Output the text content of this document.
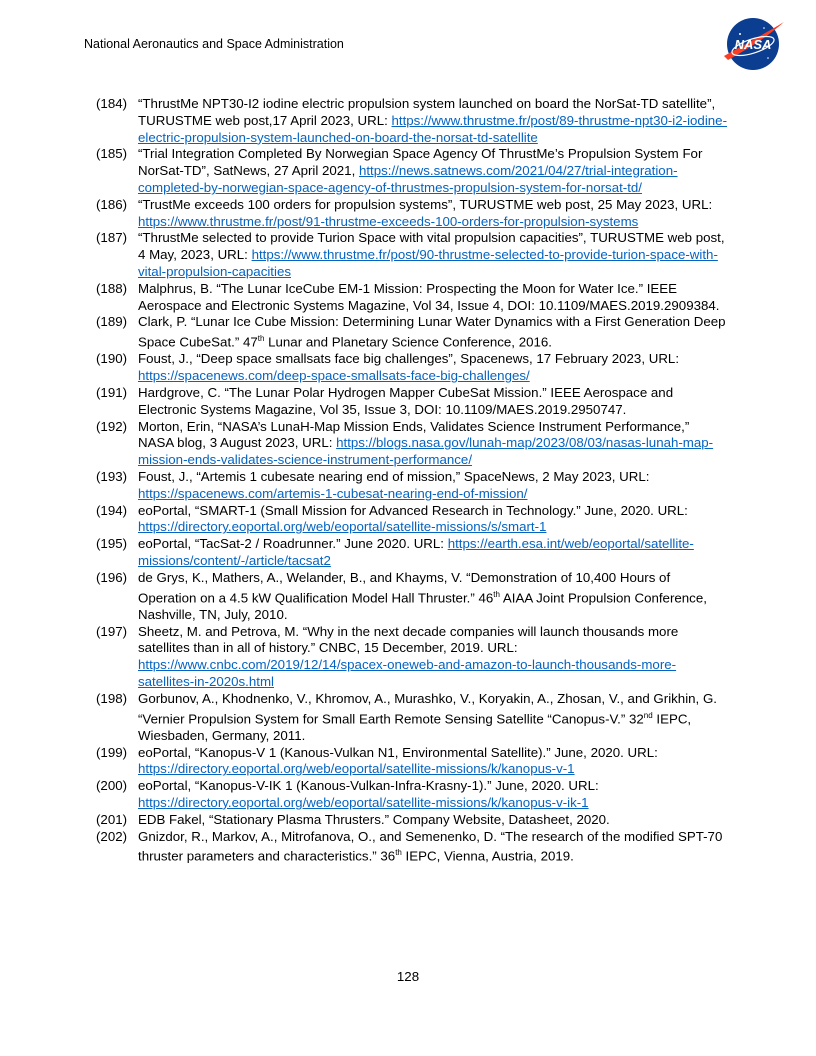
National Aeronautics and Space Administration	NASA
(184) “ThrustMe NPT30-I2 iodine electric propulsion system launched on board the NorSat-TD satellite”, TURUSTME web post,17 April 2023, URL: https://www.thrustme.fr/post/89-thrustme-npt30-i2-iodine-electric-propulsion-system-launched-on-board-the-norsat-td-satellite
(185) “Trial Integration Completed By Norwegian Space Agency Of ThrustMe’s Propulsion System For NorSat-TD”, SatNews, 27 April 2021, https://news.satnews.com/2021/04/27/trial-integration-completed-by-norwegian-space-agency-of-thrustmes-propulsion-system-for-norsat-td/
(186) “TrustMe exceeds 100 orders for propulsion systems”, TURUSTME web post, 25 May 2023, URL: https://www.thrustme.fr/post/91-thrustme-exceeds-100-orders-for-propulsion-systems
(187) “ThrustMe selected to provide Turion Space with vital propulsion capacities”, TURUSTME web post, 4 May, 2023, URL: https://www.thrustme.fr/post/90-thrustme-selected-to-provide-turion-space-with-vital-propulsion-capacities
(188) Malphrus, B. “The Lunar IceCube EM-1 Mission: Prospecting the Moon for Water Ice.” IEEE Aerospace and Electronic Systems Magazine, Vol 34, Issue 4, DOI: 10.1109/MAES.2019.2909384.
(189) Clark, P. “Lunar Ice Cube Mission: Determining Lunar Water Dynamics with a First Generation Deep Space CubeSat.” 47th Lunar and Planetary Science Conference, 2016.
(190) Foust, J., “Deep space smallsats face big challenges”, Spacenews, 17 February 2023, URL: https://spacenews.com/deep-space-smallsats-face-big-challenges/
(191) Hardgrove, C. “The Lunar Polar Hydrogen Mapper CubeSat Mission.” IEEE Aerospace and Electronic Systems Magazine, Vol 35, Issue 3, DOI: 10.1109/MAES.2019.2950747.
(192) Morton, Erin, “NASA’s LunaH-Map Mission Ends, Validates Science Instrument Performance,” NASA blog, 3 August 2023, URL: https://blogs.nasa.gov/lunah-map/2023/08/03/nasas-lunah-map-mission-ends-validates-science-instrument-performance/
(193) Foust, J., “Artemis 1 cubesate nearing end of mission,” SpaceNews, 2 May 2023, URL: https://spacenews.com/artemis-1-cubesat-nearing-end-of-mission/
(194) eoPortal, “SMART-1 (Small Mission for Advanced Research in Technology.” June, 2020. URL: https://directory.eoportal.org/web/eoportal/satellite-missions/s/smart-1
(195) eoPortal, “TacSat-2 / Roadrunner.” June 2020. URL: https://earth.esa.int/web/eoportal/satellite-missions/content/-/article/tacsat2
(196) de Grys, K., Mathers, A., Welander, B., and Khayms, V. “Demonstration of 10,400 Hours of Operation on a 4.5 kW Qualification Model Hall Thruster.” 46th AIAA Joint Propulsion Conference, Nashville, TN, July, 2010.
(197) Sheetz, M. and Petrova, M. “Why in the next decade companies will launch thousands more satellites than in all of history.” CNBC, 15 December, 2019. URL: https://www.cnbc.com/2019/12/14/spacex-oneweb-and-amazon-to-launch-thousands-more-satellites-in-2020s.html
(198) Gorbunov, A., Khodnenko, V., Khromov, A., Murashko, V., Koryakin, A., Zhosan, V., and Grikhin, G. “Vernier Propulsion System for Small Earth Remote Sensing Satellite “Canopus-V.” 32nd IEPC, Wiesbaden, Germany, 2011.
(199) eoPortal, “Kanopus-V 1 (Kanous-Vulkan N1, Environmental Satellite).” June, 2020. URL: https://directory.eoportal.org/web/eoportal/satellite-missions/k/kanopus-v-1
(200) eoPortal, “Kanopus-V-IK 1 (Kanous-Vulkan-Infra-Krasny-1).” June, 2020. URL: https://directory.eoportal.org/web/eoportal/satellite-missions/k/kanopus-v-ik-1
(201) EDB Fakel, “Stationary Plasma Thrusters.” Company Website, Datasheet, 2020.
(202) Gnizdor, R., Markov, A., Mitrofanova, O., and Semenenko, D. “The research of the modified SPT-70 thruster parameters and characteristics.” 36th IEPC, Vienna, Austria, 2019.
128
